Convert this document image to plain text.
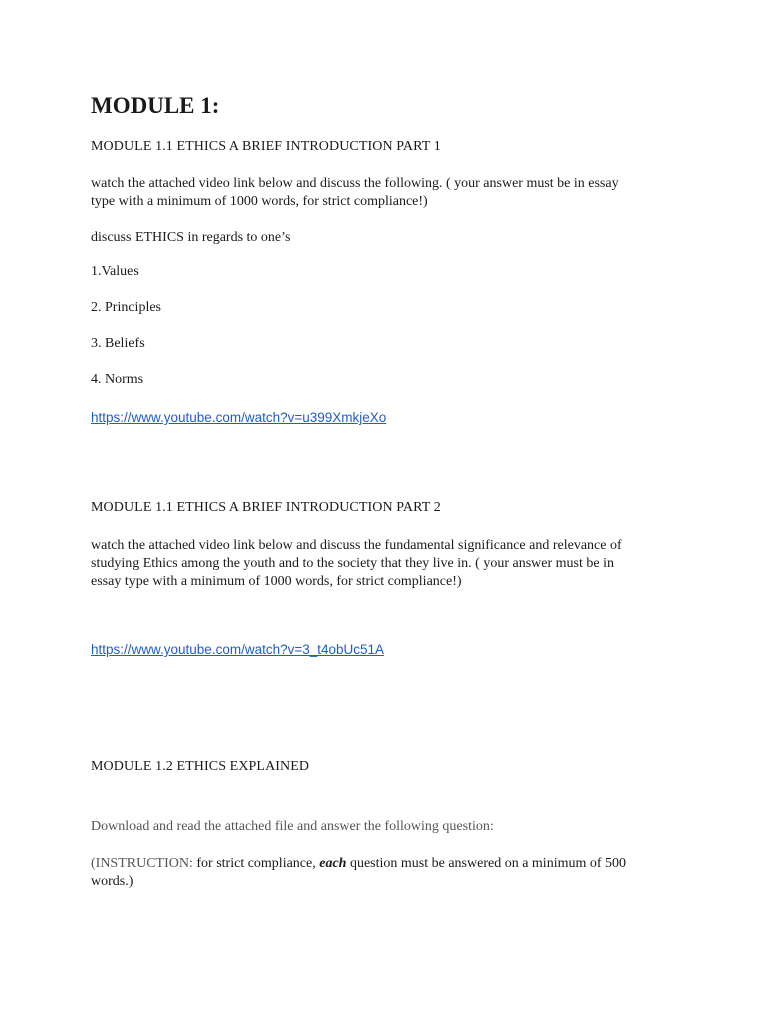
MODULE 1:
MODULE 1.1 ETHICS A BRIEF INTRODUCTION PART 1
watch the attached video link below and discuss the following. ( your answer must be in essay
type with a minimum of 1000 words, for strict compliance!)
discuss ETHICS in regards to one’s
1.Values
2. Principles
3. Beliefs
4. Norms
https://www.youtube.com/watch?v=u399XmkjeXo
MODULE 1.1 ETHICS A BRIEF INTRODUCTION PART 2
watch the attached video link below and discuss the fundamental significance and relevance of
studying Ethics among the youth and to the society that they live in. ( your answer must be in
essay type with a minimum of 1000 words, for strict compliance!)
https://www.youtube.com/watch?v=3_t4obUc51A
MODULE 1.2 ETHICS EXPLAINED
Download and read the attached file and answer the following question:
(INSTRUCTION: for strict compliance, each question must be answered on a minimum of 500
words.)
